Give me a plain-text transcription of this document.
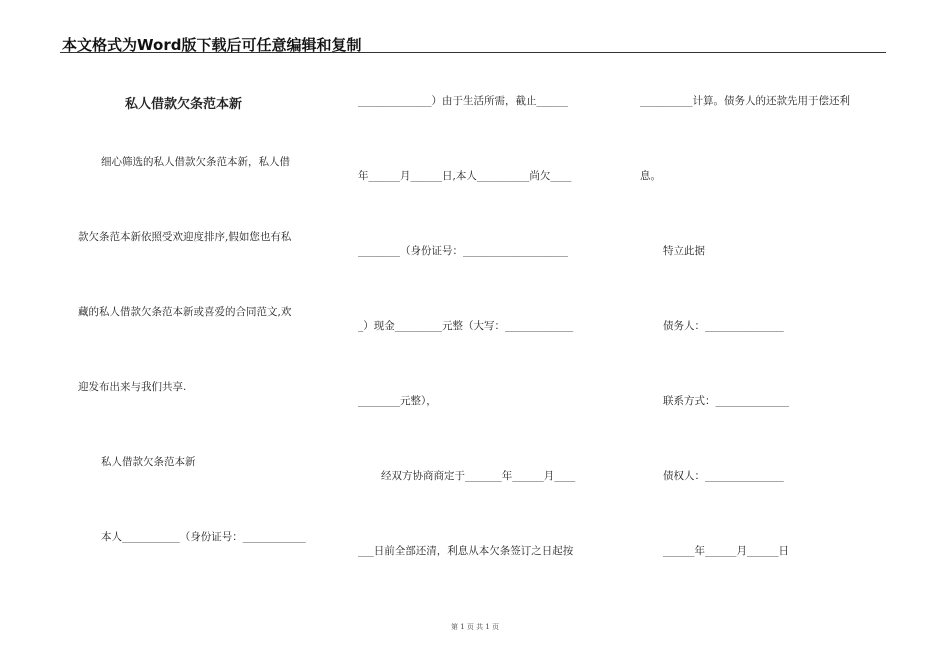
本文格式为Word版下载后可任意编辑和复制
私人借款欠条范本新
细心筛选的私人借款欠条范本新，私人借
款欠条范本新依照受欢迎度排序,假如您也有私
藏的私人借款欠条范本新或喜爱的合同范文,欢
迎发布出来与我们共享.
私人借款欠条范本新
本人___________（身份证号：____________
______________）由于生活所需，截止______
年______月______日,本人__________尚欠____
________（身份证号：____________________
_）现金_________元整（大写：_____________
________元整），
经双方协商商定于_______年______月____
___日前全部还清，利息从本欠条签订之日起按
__________计算。债务人的还款先用于偿还利
息。
特立此据
债务人：_______________
联系方式：______________
债权人：_______________
______年______月______日
第 1 页 共 1 页
